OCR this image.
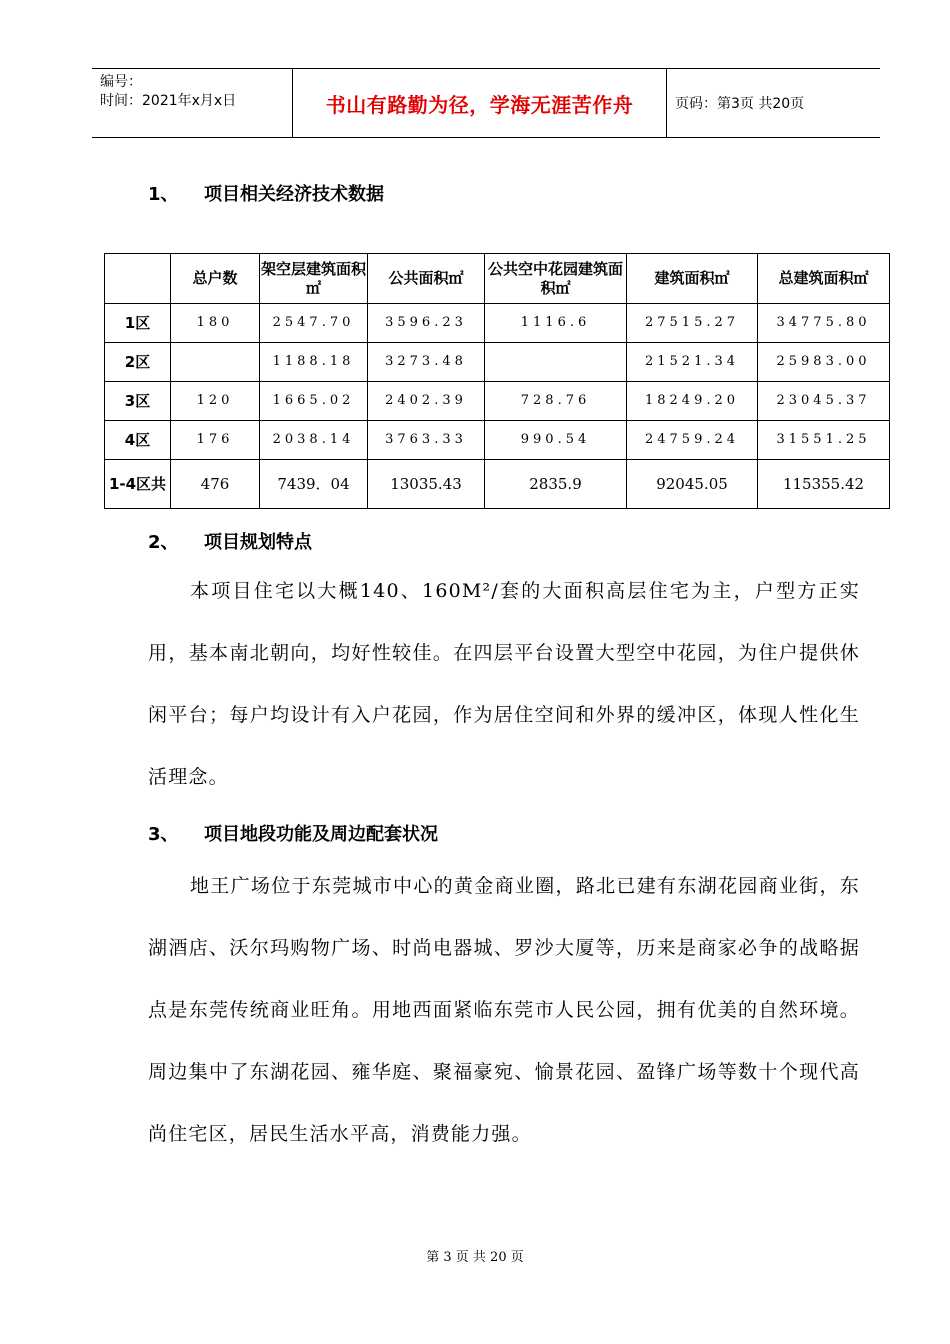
编号：
时间：2021年x月x日	书山有路勤为径，学海无涯苦作舟	页码：第3页 共20页
1、 项目相关经济技术数据
	总户数	架空层建筑面积㎡	公共面积㎡	公共空中花园建筑面积㎡	建筑面积㎡	总建筑面积㎡
1区	180	2547.70	3596.23	1116.6	27515.27	34775.80
2区		1188.18	3273.48		21521.34	25983.00
3区	120	1665.02	2402.39	728.76	18249.20	23045.37
4区	176	2038.14	3763.33	990.54	24759.24	31551.25
1-4区共	476	7439．04	13035.43	2835.9	92045.05	115355.42
2、 项目规划特点
本项目住宅以大概140、160M²/套的大面积高层住宅为主，户型方正实用，基本南北朝向，均好性较佳。在四层平台设置大型空中花园，为住户提供休闲平台；每户均设计有入户花园，作为居住空间和外界的缓冲区，体现人性化生活理念。
3、 项目地段功能及周边配套状况
地王广场位于东莞城市中心的黄金商业圈，路北已建有东湖花园商业街，东湖酒店、沃尔玛购物广场、时尚电器城、罗沙大厦等，历来是商家必争的战略据点是东莞传统商业旺角。用地西面紧临东莞市人民公园，拥有优美的自然环境。周边集中了东湖花园、雍华庭、聚福豪宛、愉景花园、盈锋广场等数十个现代高尚住宅区，居民生活水平高，消费能力强。
第 3 页 共 20 页
